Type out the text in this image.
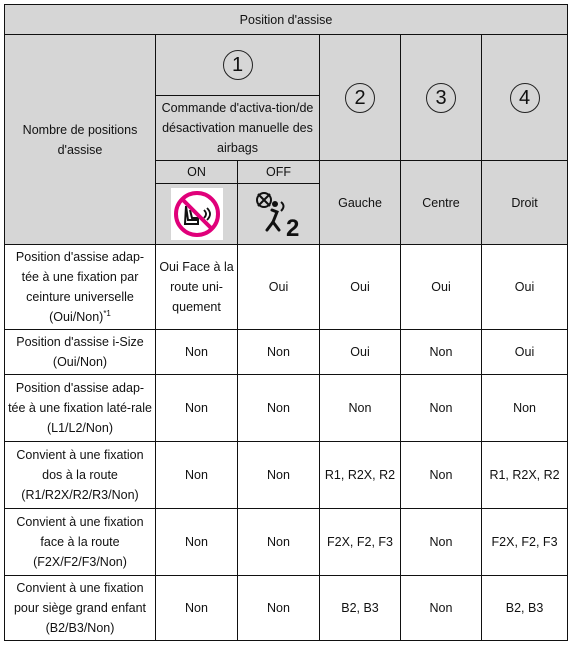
Position d'assise					
Nombre de positions d'assise	1		2	3	4
	Commande d'activa-tion/de désactivation manuelle des airbags				
	ON	OFF	Gauche	Centre	Droit

2			

Position d'assise adap-tée à une fixation par ceinture universelle $(Oui/Non)^{*1}$	Oui Face à la route uni-quement	Oui	Oui	Oui	Oui
Position d'assise i-Size (Oui/Non)	Non	Non	Oui	Non	Oui
Position d'assise adap-tée à une fixation laté-rale (L1/L2/Non)	Non	Non	Non	Non	Non
Convient à une fixation dos à la route (R1/R2X/R2/R3/Non)	Non	Non	R1, R2X, R2	Non	R1, R2X, R2
Convient à une fixation face à la route (F2X/F2/F3/Non)	Non	Non	F2X, F2, F3	Non	F2X, F2, F3
Convient à une fixation pour siège grand enfant (B2/B3/Non)	Non	Non	B2, B3	Non	B2, B3
